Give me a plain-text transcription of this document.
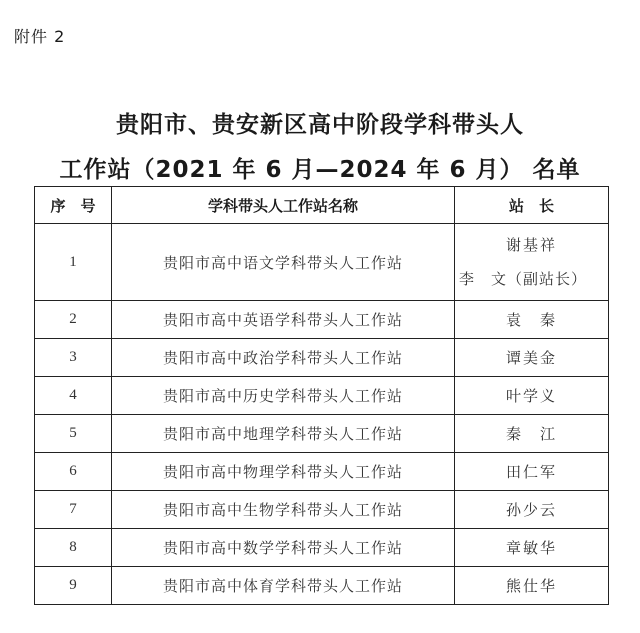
附件 2
贵阳市、贵安新区高中阶段学科带头人
工作站（2021 年 6 月—2024 年 6 月） 名单
序　号	学科带头人工作站名称	站　长
1	贵阳市高中语文学科带头人工作站	谢基祥
李　文（副站长）

2	贵阳市高中英语学科带头人工作站	袁　秦
3	贵阳市高中政治学科带头人工作站	谭美金
4	贵阳市高中历史学科带头人工作站	叶学义
5	贵阳市高中地理学科带头人工作站	秦　江
6	贵阳市高中物理学科带头人工作站	田仁军
7	贵阳市高中生物学科带头人工作站	孙少云
8	贵阳市高中数学学科带头人工作站	章敏华
9	贵阳市高中体育学科带头人工作站	熊仕华
